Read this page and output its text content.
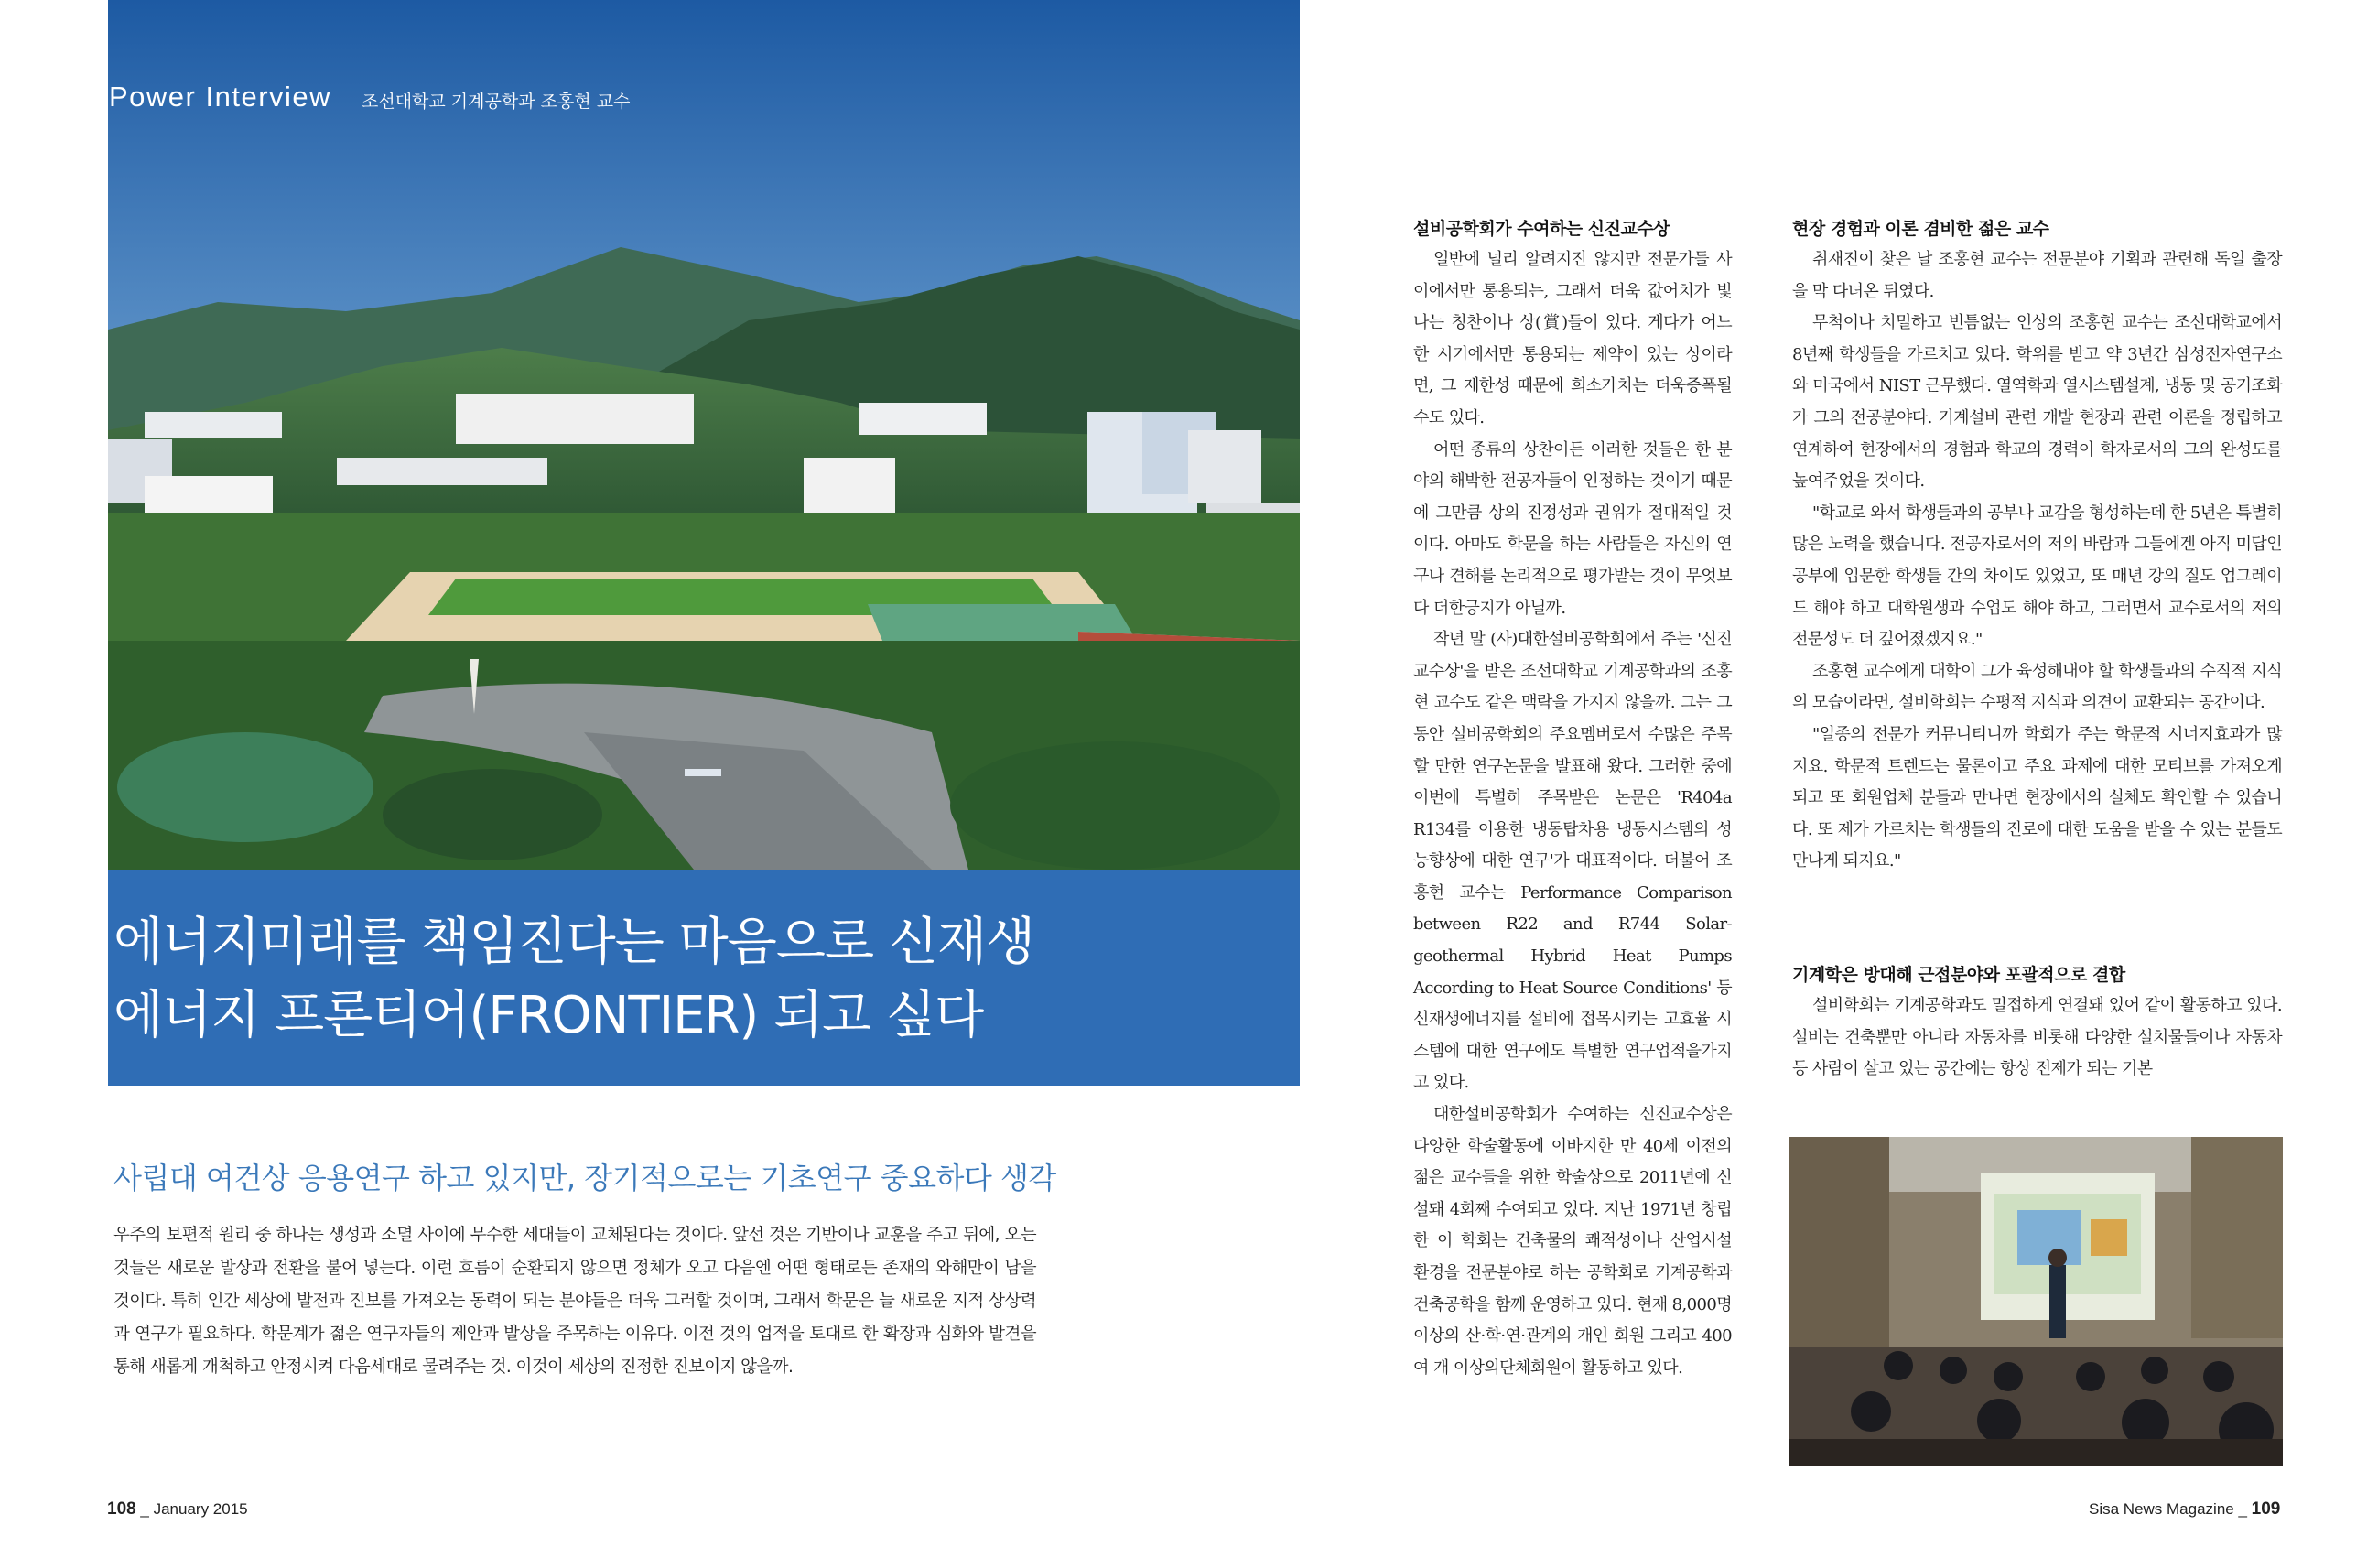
Power Interview 조선대학교 기계공학과 조홍현 교수
에너지미래를 책임진다는 마음으로 신재생
에너지 프론티어(FRONTIER) 되고 싶다
사립대 여건상 응용연구 하고 있지만, 장기적으로는 기초연구 중요하다 생각

우주의 보편적 원리 중 하나는 생성과 소멸 사이에 무수한 세대들이 교체된다는 것이다. 앞선 것은 기반이나 교훈을 주고 뒤에, 오는 것들은 새로운 발상과 전환을 불어 넣는다. 이런 흐름이 순환되지 않으면 정체가 오고 다음엔 어떤 형태로든 존재의 와해만이 남을 것이다. 특히 인간 세상에 발전과 진보를 가져오는 동력이 되는 분야들은 더욱 그러할 것이며, 그래서 학문은 늘 새로운 지적 상상력과 연구가 필요하다. 학문계가 젊은 연구자들의 제안과 발상을 주목하는 이유다. 이전 것의 업적을 토대로 한 확장과 심화와 발견을 통해 새롭게 개척하고 안정시켜 다음세대로 물려주는 것. 이것이 세상의 진정한 진보이지 않을까.

설비공학회가 수여하는 신진교수상

일반에 널리 알려지진 않지만 전문가들 사이에서만 통용되는, 그래서 더욱 값어치가 빛나는 칭찬이나 상(賞)들이 있다. 게다가 어느 한 시기에서만 통용되는 제약이 있는 상이라면, 그 제한성 때문에 희소가치는 더욱증폭될 수도 있다.

어떤 종류의 상찬이든 이러한 것들은 한 분야의 해박한 전공자들이 인정하는 것이기 때문에 그만큼 상의 진정성과 권위가 절대적일 것이다. 아마도 학문을 하는 사람들은 자신의 연구나 견해를 논리적으로 평가받는 것이 무엇보다 더한긍지가 아닐까.

작년 말 (사)대한설비공학회에서 주는 '신진교수상'을 받은 조선대학교 기계공학과의 조홍현 교수도 같은 맥락을 가지지 않을까. 그는 그동안 설비공학회의 주요멤버로서 수많은 주목할 만한 연구논문을 발표해 왔다. 그러한 중에 이번에 특별히 주목받은 논문은 'R404a R134를 이용한 냉동탑차용 냉동시스템의 성능향상에 대한 연구'가 대표적이다. 더불어 조홍현 교수는 Performance Comparison between R22 and R744 Solar-geothermal Hybrid Heat Pumps According to Heat Source Conditions' 등 신재생에너지를 설비에 접목시키는 고효율 시스템에 대한 연구에도 특별한 연구업적을가지고 있다.

대한설비공학회가 수여하는 신진교수상은 다양한 학술활동에 이바지한 만 40세 이전의 젊은 교수들을 위한 학술상으로 2011년에 신설돼 4회째 수여되고 있다. 지난 1971년 창립한 이 학회는 건축물의 쾌적성이나 산업시설 환경을 전문분야로 하는 공학회로 기계공학과 건축공학을 함께 운영하고 있다. 현재 8,000명 이상의 산·학·연·관계의 개인 회원 그리고 400여 개 이상의단체회원이 활동하고 있다.

현장 경험과 이론 겸비한 젊은 교수

취재진이 찾은 날 조홍현 교수는 전문분야 기획과 관련해 독일 출장을 막 다녀온 뒤였다.

무척이나 치밀하고 빈틈없는 인상의 조홍현 교수는 조선대학교에서 8년째 학생들을 가르치고 있다. 학위를 받고 약 3년간 삼성전자연구소와 미국에서 NIST 근무했다. 열역학과 열시스템설계, 냉동 및 공기조화가 그의 전공분야다. 기계설비 관련 개발 현장과 관련 이론을 정립하고 연계하여 현장에서의 경험과 학교의 경력이 학자로서의 그의 완성도를 높여주었을 것이다.

"학교로 와서 학생들과의 공부나 교감을 형성하는데 한 5년은 특별히 많은 노력을 했습니다. 전공자로서의 저의 바람과 그들에겐 아직 미답인 공부에 입문한 학생들 간의 차이도 있었고, 또 매년 강의 질도 업그레이드 해야 하고 대학원생과 수업도 해야 하고, 그러면서 교수로서의 저의 전문성도 더 깊어졌겠지요."

조홍현 교수에게 대학이 그가 육성해내야 할 학생들과의 수직적 지식의 모습이라면, 설비학회는 수평적 지식과 의견이 교환되는 공간이다.

"일종의 전문가 커뮤니티니까 학회가 주는 학문적 시너지효과가 많지요. 학문적 트렌드는 물론이고 주요 과제에 대한 모티브를 가져오게 되고 또 회원업체 분들과 만나면 현장에서의 실체도 확인할 수 있습니다. 또 제가 가르치는 학생들의 진로에 대한 도움을 받을 수 있는 분들도 만나게 되지요."

기계학은 방대해 근접분야와 포괄적으로 결합

설비학회는 기계공학과도 밀접하게 연결돼 있어 같이 활동하고 있다. 설비는 건축뿐만 아니라 자동차를 비롯해 다양한 설치물들이나 자동차 등 사람이 살고 있는 공간에는 항상 전제가 되는 기본

108 _ January 2015	Sisa News Magazine _ 109
